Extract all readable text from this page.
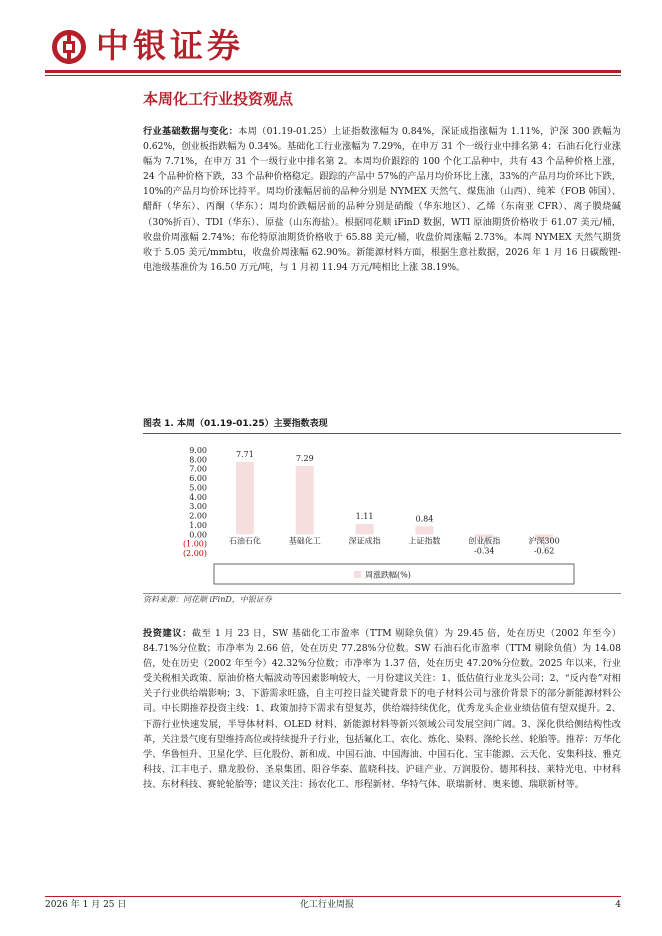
中银证券
本周化工行业投资观点
行业基础数据与变化：本周（01.19-01.25）上证指数涨幅为 0.84%，深证成指涨幅为 1.11%，沪深 300 跌幅为 0.62%，创业板指跌幅为 0.34%。基础化工行业涨幅为 7.29%，在申万 31 个一级行业中排名第 4；石油石化行业涨幅为 7.71%，在申万 31 个一级行业中排名第 2。本周均价跟踪的 100 个化工品种中，共有 43 个品种价格上涨，24 个品种价格下跌，33 个品种价格稳定。跟踪的产品中 57%的产品月均价环比上涨，33%的产品月均价环比下跌，10%的产品月均价环比持平。周均价涨幅居前的品种分别是 NYMEX 天然气、煤焦油（山西）、纯苯（FOB 韩国）、醋酐（华东）、丙酮（华东）；周均价跌幅居前的品种分别是硝酸（华东地区）、乙烯（东南亚 CFR）、离子膜烧碱（30%折百）、TDI（华东）、原盐（山东海盐）。根据同花顺 iFinD 数据，WTI 原油期货价格收于 61.07 美元/桶，收盘价周涨幅 2.74%；布伦特原油期货价格收于 65.88 美元/桶，收盘价周涨幅 2.73%。本周 NYMEX 天然气期货收于 5.05 美元/mmbtu，收盘价周涨幅 62.90%。新能源材料方面，根据生意社数据，2026 年 1 月 16 日碳酸锂-电池级基准价为 16.50 万元/吨，与 1 月初 11.94 万元/吨相比上涨 38.19%。
图表 1. 本周（01.19-01.25）主要指数表现
9.00
8.00
7.00
6.00
5.00
4.00
3.00
2.00
1.00
0.00
(1.00)
(2.00)
7.71	7.29
1.11	0.84
-0.34	-0.62
石油石化	基础化工	深证成指	上证指数	创业板指	沪深300
周涨跌幅(%)
资料来源：同花顺 iFinD，中银证券
投资建议：截至 1 月 23 日，SW 基础化工市盈率（TTM 剔除负值）为 29.45 倍，处在历史（2002 年至今）84.71%分位数；市净率为 2.66 倍，处在历史 77.28%分位数。SW 石油石化市盈率（TTM 剔除负值）为 14.08 倍，处在历史（2002 年至今）42.32%分位数；市净率为 1.37 倍，处在历史 47.20%分位数。2025 年以来，行业受关税相关政策、原油价格大幅波动等因素影响较大，一月份建议关注：1、低估值行业龙头公司；2、“反内卷”对相关子行业供给端影响；3、下游需求旺盛，自主可控日益关键背景下的电子材料公司与涨价背景下的部分新能源材料公司。中长期推荐投资主线：1、政策加持下需求有望复苏，供给端持续优化，优秀龙头企业业绩估值有望双提升。2、下游行业快速发展，半导体材料、OLED 材料、新能源材料等新兴领域公司发展空间广阔。3、深化供给侧结构性改革，关注景气度有望维持高位或持续提升子行业，包括氟化工、农化、炼化、染料、涤纶长丝、轮胎等。推荐：万华化学、华鲁恒升、卫星化学、巨化股份、新和成、中国石油、中国海油、中国石化、宝丰能源、云天化、安集科技、雅克科技、江丰电子、鼎龙股份、圣泉集团、阳谷华泰、蓝晓科技、沪硅产业、万润股份、德邦科技、莱特光电、中材科技、东材科技、赛轮轮胎等；建议关注：扬农化工、形程新材、华特气体、联瑞新材、奥来德、瑞联新材等。
2026 年 1 月 25 日	化工行业周报	4
